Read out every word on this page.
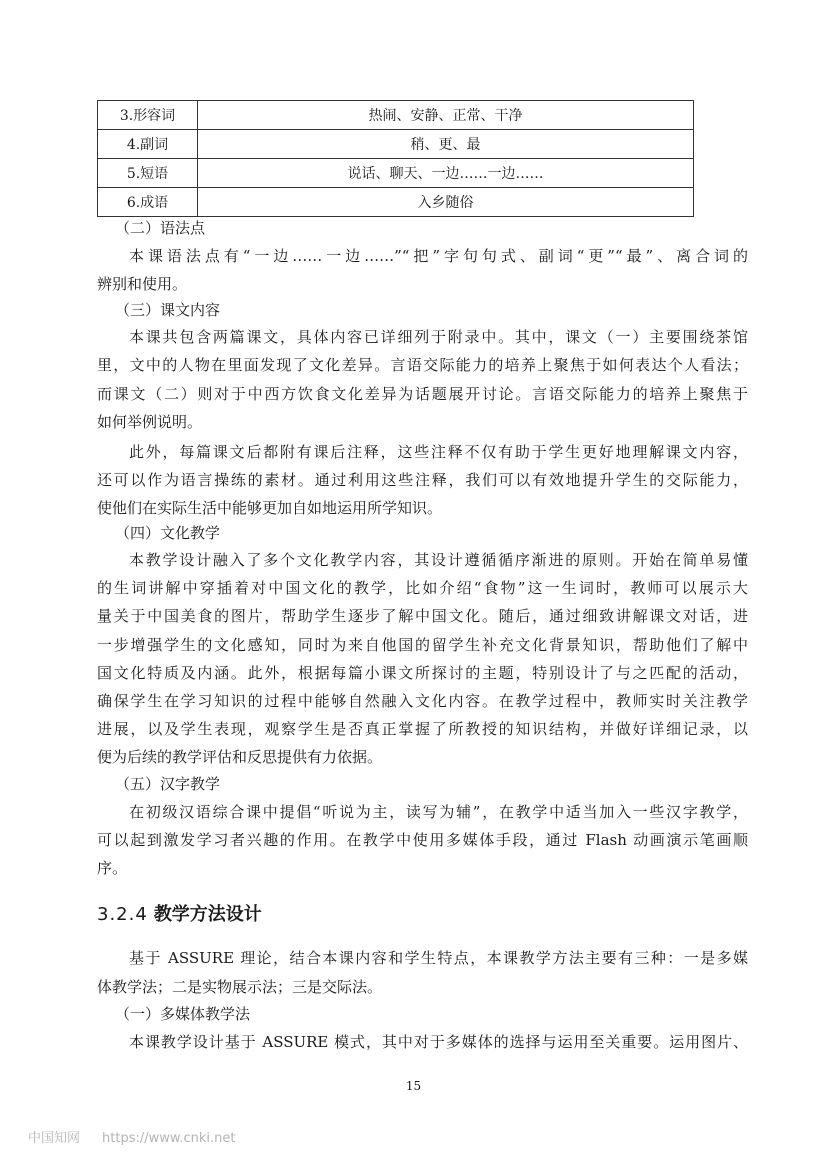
3.形容词	热闹、安静、正常、干净
4.副词	稍、更、最
5.短语	说话、聊天、一边……一边……
6.成语	入乡随俗
（二）语法点
本课语法点有“一边……一边……”“把”字句句式、副词“更”“最”、离合词的
辨别和使用。
（三）课文内容
本课共包含两篇课文，具体内容已详细列于附录中。其中，课文（一）主要围绕茶馆
里，文中的人物在里面发现了文化差异。言语交际能力的培养上聚焦于如何表达个人看法；
而课文（二）则对于中西方饮食文化差异为话题展开讨论。言语交际能力的培养上聚焦于
如何举例说明。
此外，每篇课文后都附有课后注释，这些注释不仅有助于学生更好地理解课文内容，
还可以作为语言操练的素材。通过利用这些注释，我们可以有效地提升学生的交际能力，
使他们在实际生活中能够更加自如地运用所学知识。
（四）文化教学
本教学设计融入了多个文化教学内容，其设计遵循循序渐进的原则。开始在简单易懂
的生词讲解中穿插着对中国文化的教学，比如介绍“食物”这一生词时，教师可以展示大
量关于中国美食的图片，帮助学生逐步了解中国文化。随后，通过细致讲解课文对话，进
一步增强学生的文化感知，同时为来自他国的留学生补充文化背景知识，帮助他们了解中
国文化特质及内涵。此外，根据每篇小课文所探讨的主题，特别设计了与之匹配的活动，
确保学生在学习知识的过程中能够自然融入文化内容。在教学过程中，教师实时关注教学
进展，以及学生表现，观察学生是否真正掌握了所教授的知识结构，并做好详细记录，以
便为后续的教学评估和反思提供有力依据。
（五）汉字教学
在初级汉语综合课中提倡“听说为主，读写为辅”，在教学中适当加入一些汉字教学，
可以起到激发学习者兴趣的作用。在教学中使用多媒体手段，通过 Flash 动画演示笔画顺
序。
3.2.4 教学方法设计
基于 ASSURE 理论，结合本课内容和学生特点，本课教学方法主要有三种：一是多媒
体教学法；二是实物展示法；三是交际法。
（一）多媒体教学法
本课教学设计基于 ASSURE 模式，其中对于多媒体的选择与运用至关重要。运用图片、
15
中国知网 https://www.cnki.net
